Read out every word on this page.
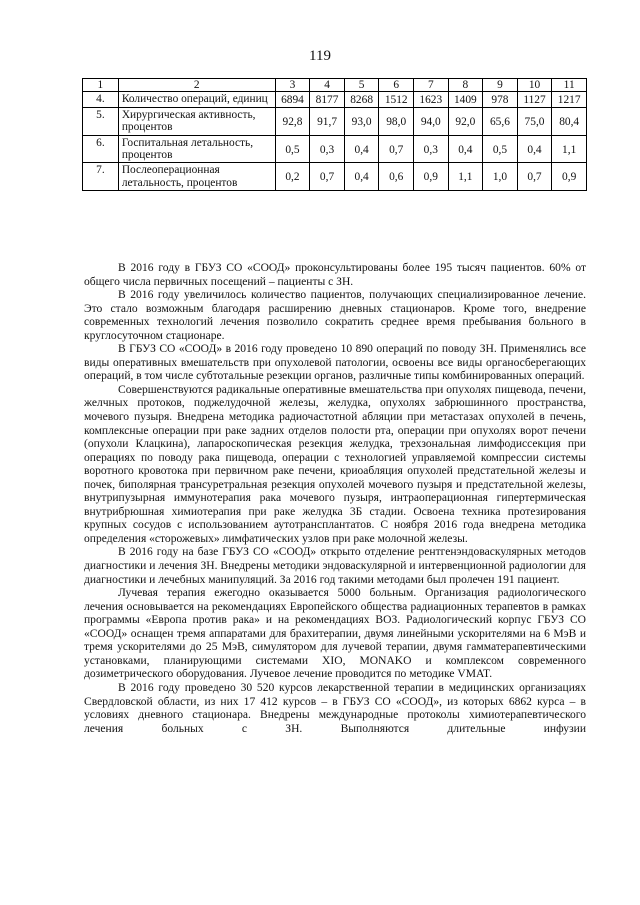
119
1	2	3	4	5	6	7	8	9	10	11
4.	Количество операций, единиц	6894	8177	8268	1512	1623	1409	978	1127	1217
5.	Хирургическая активность, процентов	92,8	91,7	93,0	98,0	94,0	92,0	65,6	75,0	80,4
6.	Госпитальная летальность, процентов	0,5	0,3	0,4	0,7	0,3	0,4	0,5	0,4	1,1
7.	Послеоперационная летальность, процентов	0,2	0,7	0,4	0,6	0,9	1,1	1,0	0,7	0,9

В 2016 году в ГБУЗ СО «СООД» проконсультированы более 195 тысяч пациентов. 60% от общего числа первичных посещений – пациенты с ЗН.

В 2016 году увеличилось количество пациентов, получающих специализированное лечение. Это стало возможным благодаря расширению дневных стационаров. Кроме того, внедрение современных технологий лечения позволило сократить среднее время пребывания больного в круглосуточном стационаре.

В ГБУЗ СО «СООД» в 2016 году проведено 10 890 операций по поводу ЗН. Применялись все виды оперативных вмешательств при опухолевой патологии, освоены все виды органосберегающих операций, в том числе субтотальные резекции органов, различные типы комбинированных операций.

Совершенствуются радикальные оперативные вмешательства при опухолях пищевода, печени, желчных протоков, поджелудочной железы, желудка, опухолях забрюшинного пространства, мочевого пузыря. Внедрена методика радиочастотной абляции при метастазах опухолей в печень, комплексные операции при раке задних отделов полости рта, операции при опухолях ворот печени (опухоли Клацкина), лапароскопическая резекция желудка, трехзональная лимфодиссекция при операциях по поводу рака пищевода, операции с технологией управляемой компрессии системы воротного кровотока при первичном раке печени, криоабляция опухолей предстательной железы и почек, биполярная трансуретральная резекция опухолей мочевого пузыря и предстательной железы, внутрипузырная иммунотерапия рака мочевого пузыря, интраоперационная гипертермическая внутрибрюшная химиотерапия при раке желудка 3Б стадии. Освоена техника протезирования крупных сосудов с использованием аутотрансплантатов. С ноября 2016 года внедрена методика определения «сторожевых» лимфатических узлов при раке молочной железы.

В 2016 году на базе ГБУЗ СО «СООД» открыто отделение рентгенэндоваскулярных методов диагностики и лечения ЗН. Внедрены методики эндоваскулярной и интервенционной радиологии для диагностики и лечебных манипуляций. За 2016 год такими методами был пролечен 191 пациент.

Лучевая терапия ежегодно оказывается 5000 больным. Организация радиологического лечения основывается на рекомендациях Европейского общества радиационных терапевтов в рамках программы «Европа против рака» и на рекомендациях ВОЗ. Радиологический корпус ГБУЗ СО «СООД» оснащен тремя аппаратами для брахитерапии, двумя линейными ускорителями на 6 МэВ и тремя ускорителями до 25 МэВ, симулятором для лучевой терапии, двумя гамматерапевтическими установками, планирующими системами XIO, MONAKO и комплексом современного дозиметрического оборудования. Лучевое лечение проводится по методике VMAT.

В 2016 году проведено 30 520 курсов лекарственной терапии в медицинских организациях Свердловской области, из них 17 412 курсов – в ГБУЗ СО «СООД», из которых 6862 курса – в условиях дневного стационара. Внедрены международные протоколы химиотерапевтического лечения больных с ЗН. Выполняются длительные инфузии
